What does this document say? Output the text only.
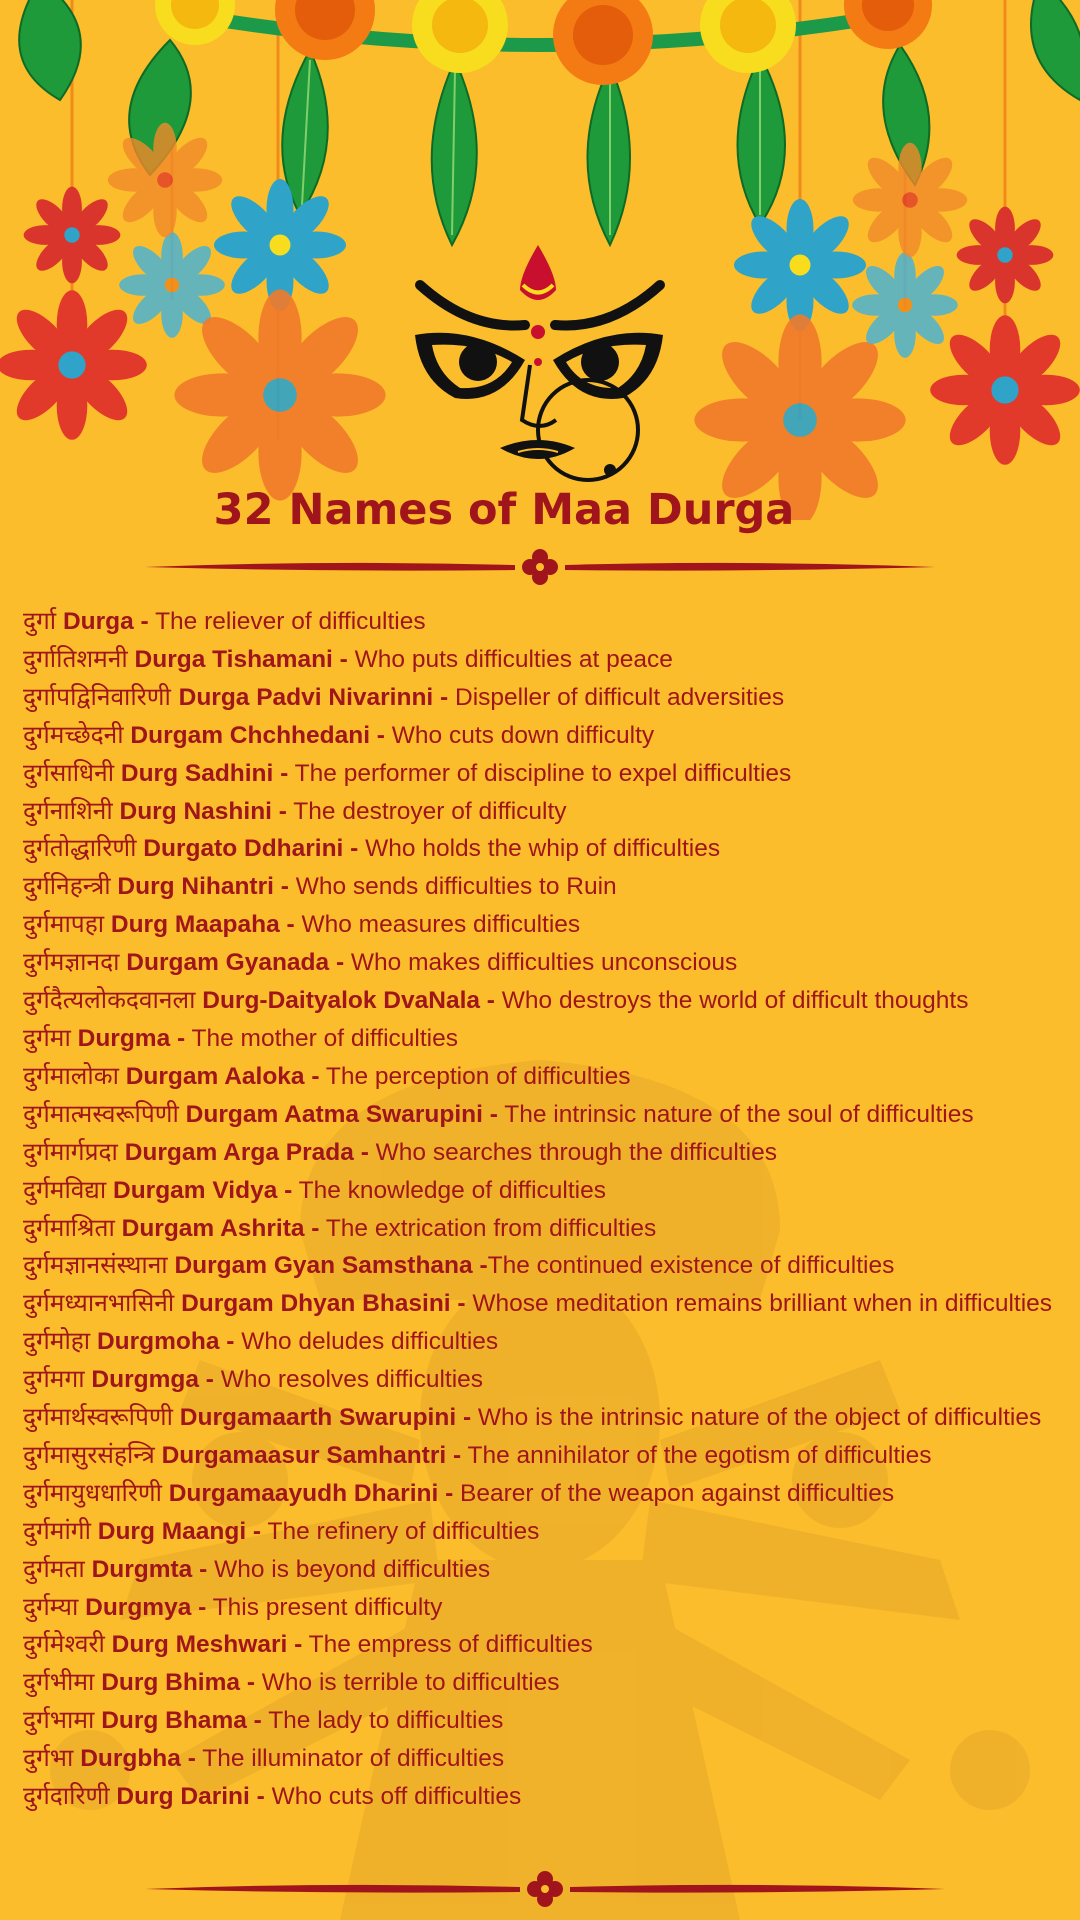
32 Names of Maa Durga
दुर्गा Durga - The reliever of difficulties
दुर्गातिशमनी Durga Tishamani - Who puts difficulties at peace
दुर्गापद्विनिवारिणी Durga Padvi Nivarinni - Dispeller of difficult adversities
दुर्गमच्छेदनी Durgam Chchhedani - Who cuts down difficulty
दुर्गसाधिनी Durg Sadhini - The performer of discipline to expel difficulties
दुर्गनाशिनी Durg Nashini - The destroyer of difficulty
दुर्गतोद्धारिणी Durgato Ddharini - Who holds the whip of difficulties
दुर्गनिहन्त्री Durg Nihantri - Who sends difficulties to Ruin
दुर्गमापहा Durg Maapaha - Who measures difficulties
दुर्गमज्ञानदा Durgam Gyanada - Who makes difficulties unconscious
दुर्गदैत्यलोकदवानला Durg-Daityalok DvaNala - Who destroys the world of difficult thoughts
दुर्गमा Durgma - The mother of difficulties
दुर्गमालोका Durgam Aaloka - The perception of difficulties
दुर्गमात्मस्वरूपिणी Durgam Aatma Swarupini - The intrinsic nature of the soul of difficulties
दुर्गमार्गप्रदा Durgam Arga Prada - Who searches through the difficulties
दुर्गमविद्या Durgam Vidya - The knowledge of difficulties
दुर्गमाश्रिता Durgam Ashrita - The extrication from difficulties
दुर्गमज्ञानसंस्थाना Durgam Gyan Samsthana -The continued existence of difficulties
दुर्गमध्यानभासिनी Durgam Dhyan Bhasini - Whose meditation remains brilliant when in difficulties
दुर्गमोहा Durgmoha - Who deludes difficulties
दुर्गमगा Durgmga - Who resolves difficulties
दुर्गमार्थस्वरूपिणी Durgamaarth Swarupini - Who is the intrinsic nature of the object of difficulties
दुर्गमासुरसंहन्त्रि Durgamaasur Samhantri - The annihilator of the egotism of difficulties
दुर्गमायुधधारिणी Durgamaayudh Dharini - Bearer of the weapon against difficulties
दुर्गमांगी Durg Maangi - The refinery of difficulties
दुर्गमता Durgmta - Who is beyond difficulties
दुर्गम्या Durgmya - This present difficulty
दुर्गमेश्वरी Durg Meshwari - The empress of difficulties
दुर्गभीमा Durg Bhima - Who is terrible to difficulties
दुर्गभामा Durg Bhama - The lady to difficulties
दुर्गभा Durgbha - The illuminator of difficulties
दुर्गदारिणी Durg Darini - Who cuts off difficulties
